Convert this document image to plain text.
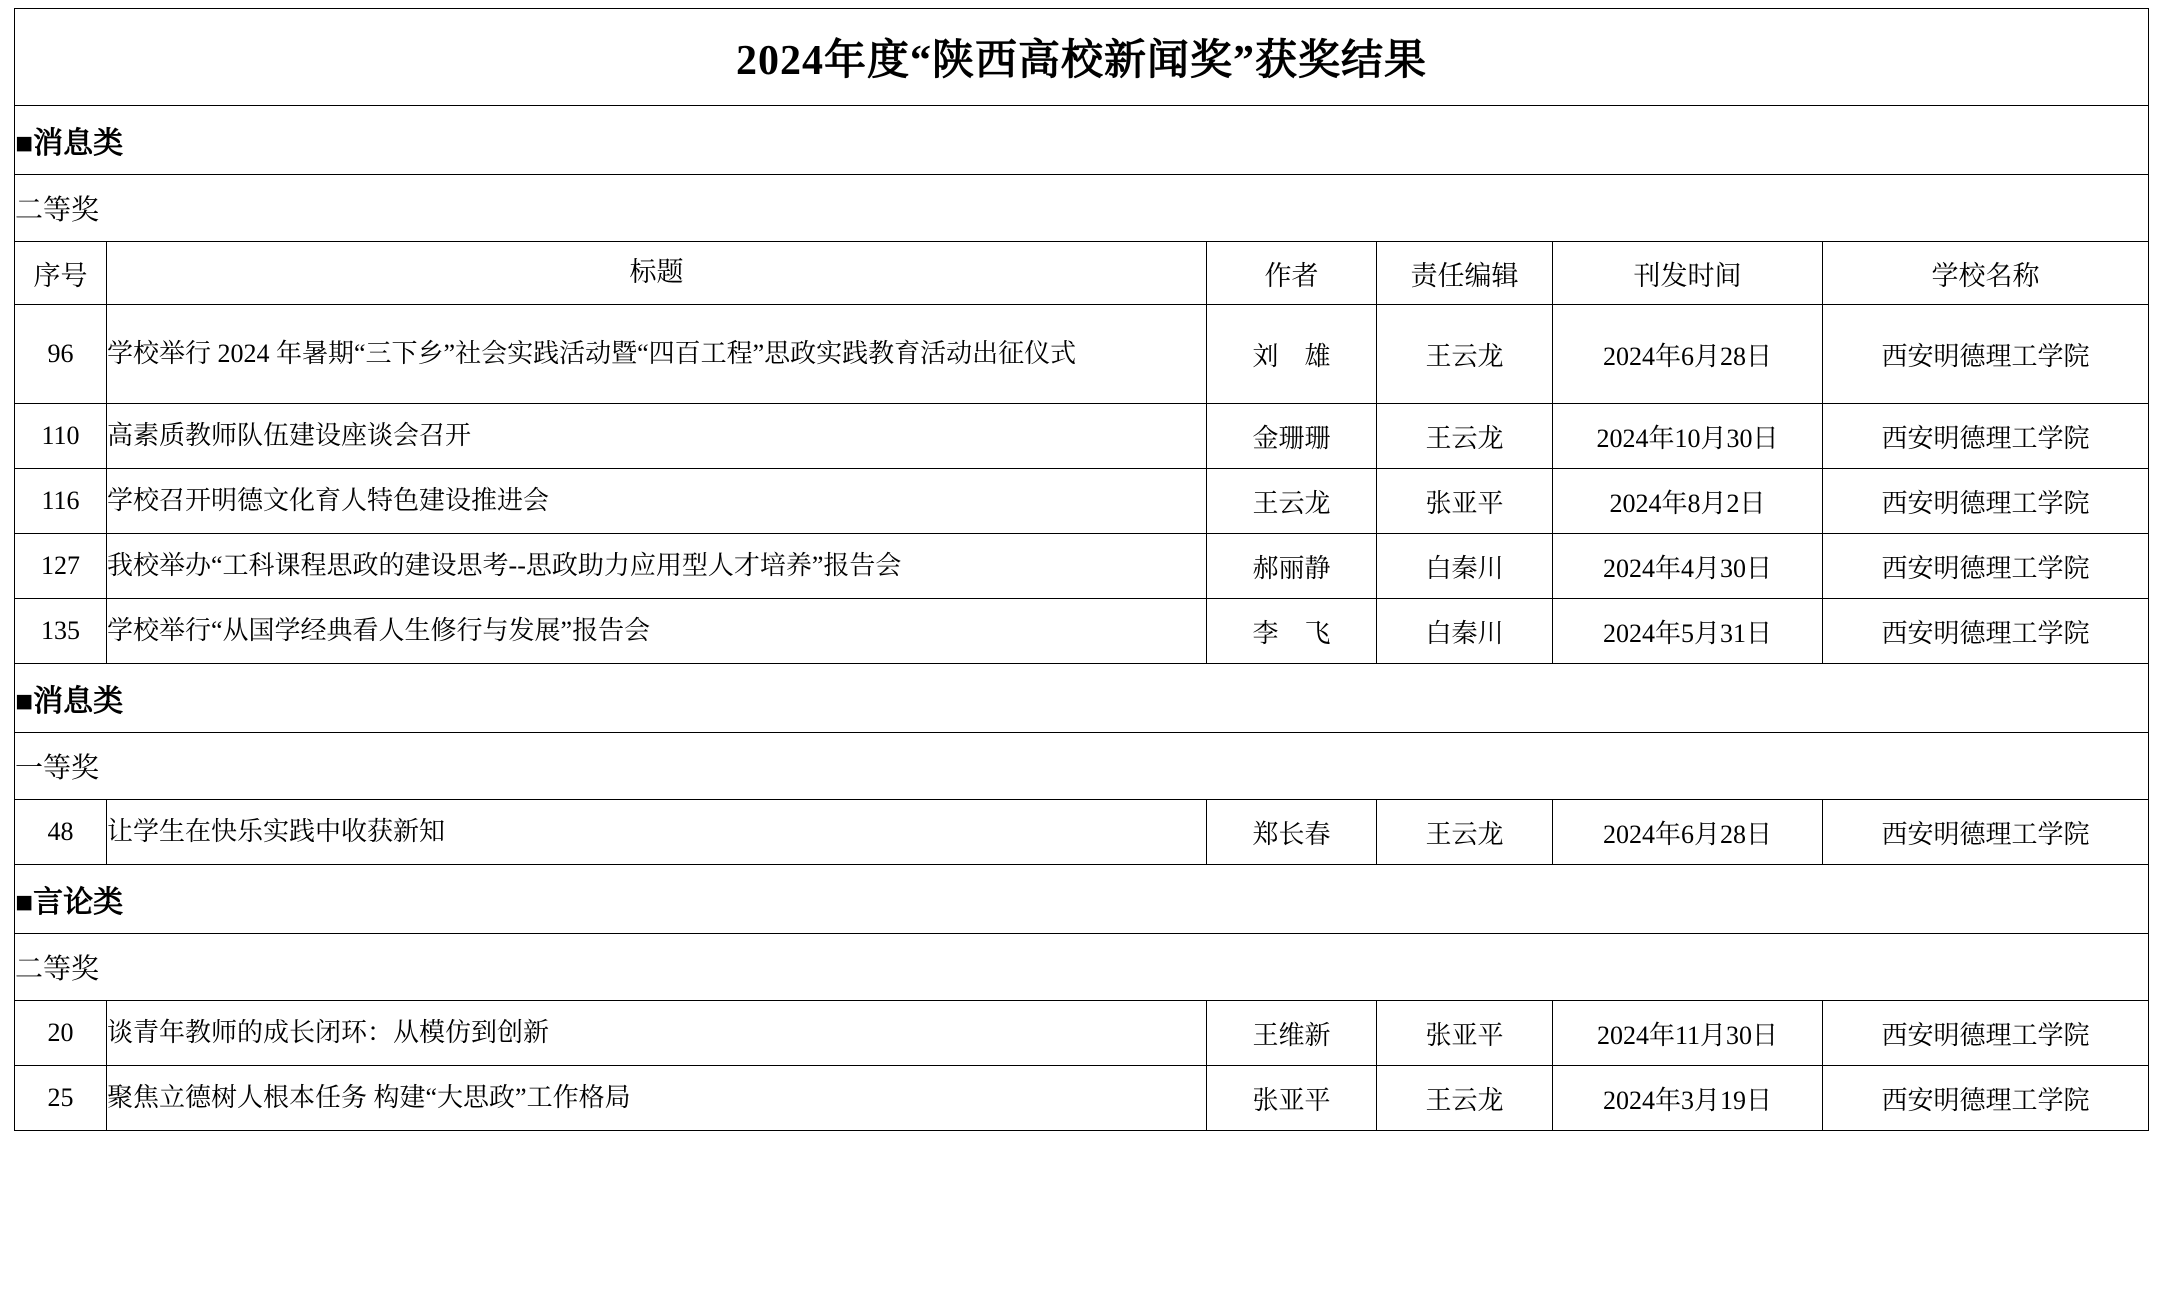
2024年度“陕西高校新闻奖”获奖结果					
■消息类					
二等奖					
序号	标题	作者	责任编辑	刊发时间	学校名称
96	学校举行 2024 年暑期“三下乡”社会实践活动暨“四百工程”思政实践教育活动出征仪式	刘　雄	王云龙	2024年6月28日	西安明德理工学院
110	高素质教师队伍建设座谈会召开	金珊珊	王云龙	2024年10月30日	西安明德理工学院
116	学校召开明德文化育人特色建设推进会	王云龙	张亚平	2024年8月2日	西安明德理工学院
127	我校举办“工科课程思政的建设思考--思政助力应用型人才培养”报告会	郝丽静	白秦川	2024年4月30日	西安明德理工学院
135	学校举行“从国学经典看人生修行与发展”报告会	李　飞	白秦川	2024年5月31日	西安明德理工学院
■消息类					
一等奖					
48	让学生在快乐实践中收获新知	郑长春	王云龙	2024年6月28日	西安明德理工学院
■言论类					
二等奖					
20	谈青年教师的成长闭环：从模仿到创新	王维新	张亚平	2024年11月30日	西安明德理工学院
25	聚焦立德树人根本任务 构建“大思政”工作格局	张亚平	王云龙	2024年3月19日	西安明德理工学院
